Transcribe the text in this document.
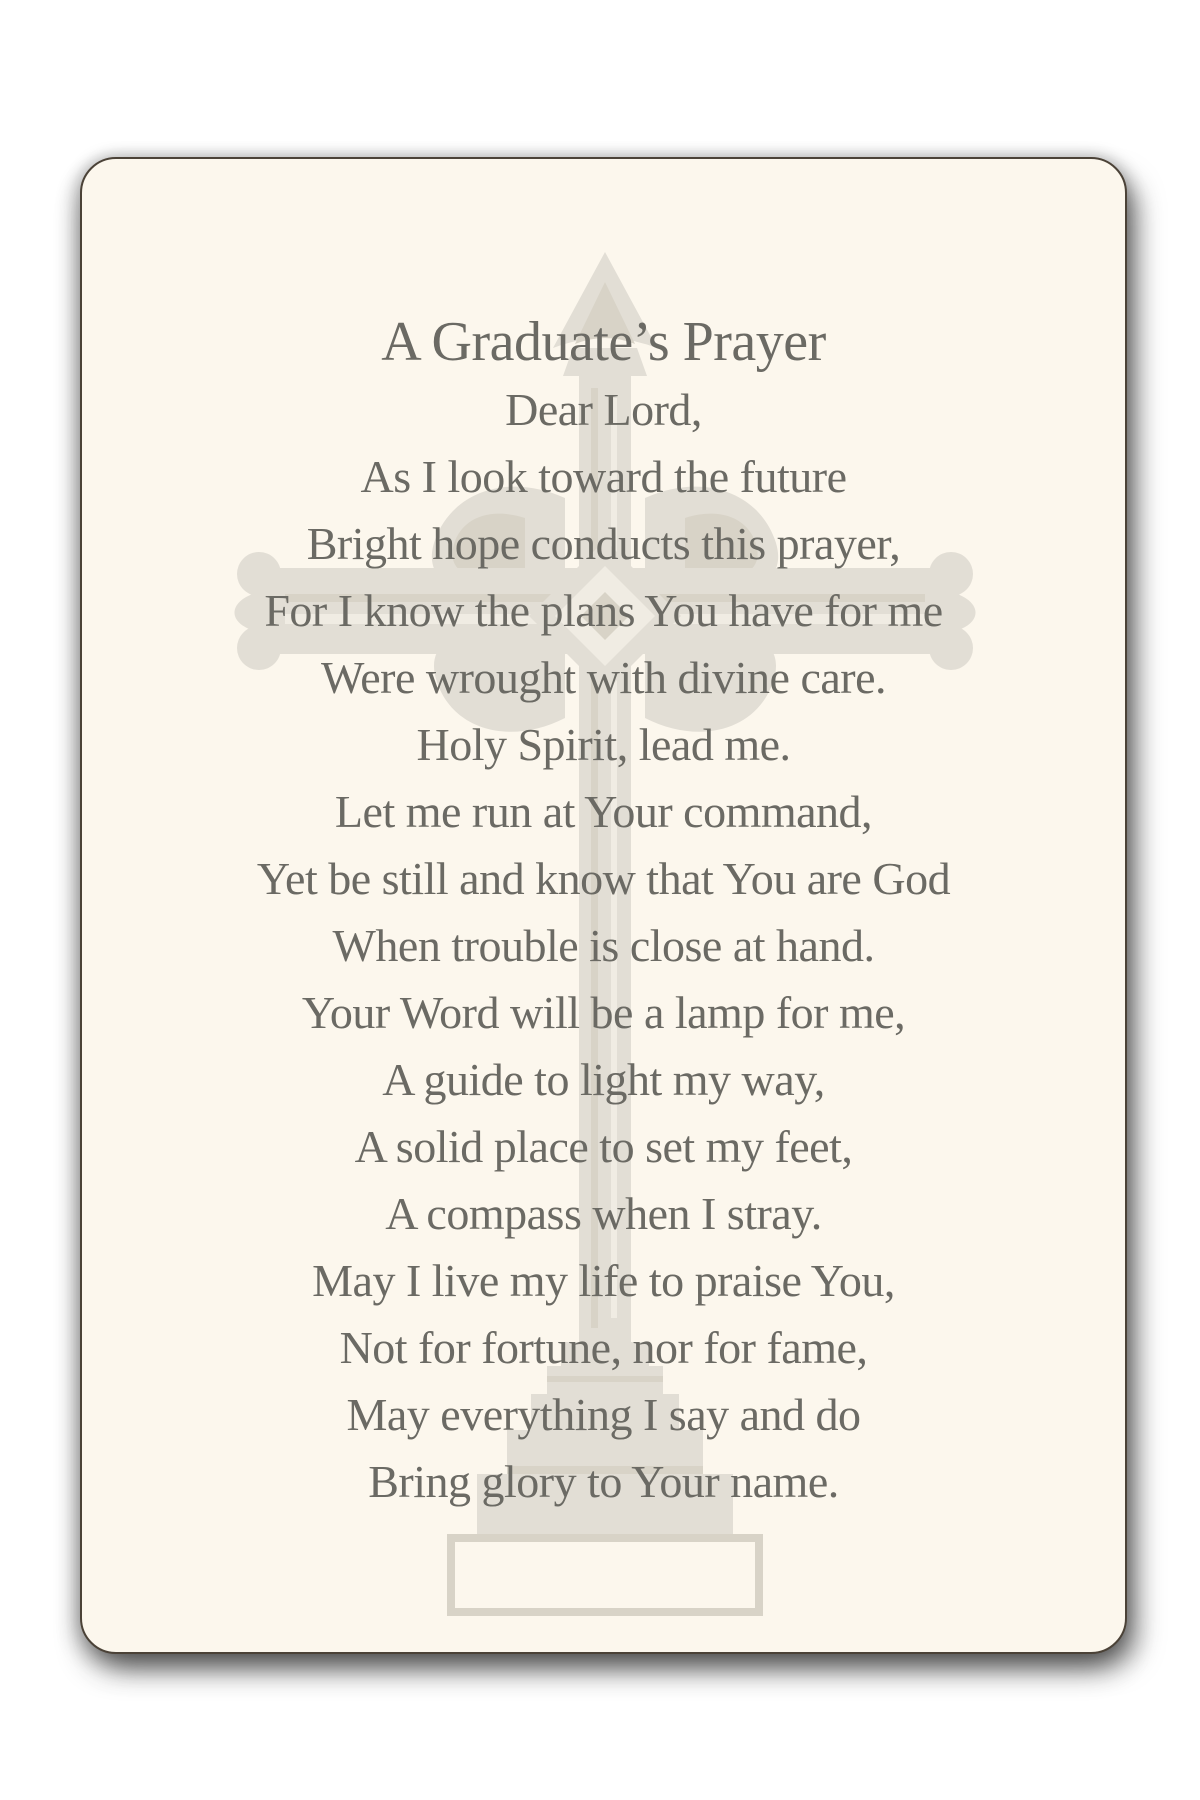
A Graduate’s Prayer
Dear Lord,
As I look toward the future
Bright hope conducts this prayer,
For I know the plans You have for me
Were wrought with divine care.
Holy Spirit, lead me.
Let me run at Your command,
Yet be still and know that You are God
When trouble is close at hand.
Your Word will be a lamp for me,
A guide to light my way,
A solid place to set my feet,
A compass when I stray.
May I live my life to praise You,
Not for fortune, nor for fame,
May everything I say and do
Bring glory to Your name.
